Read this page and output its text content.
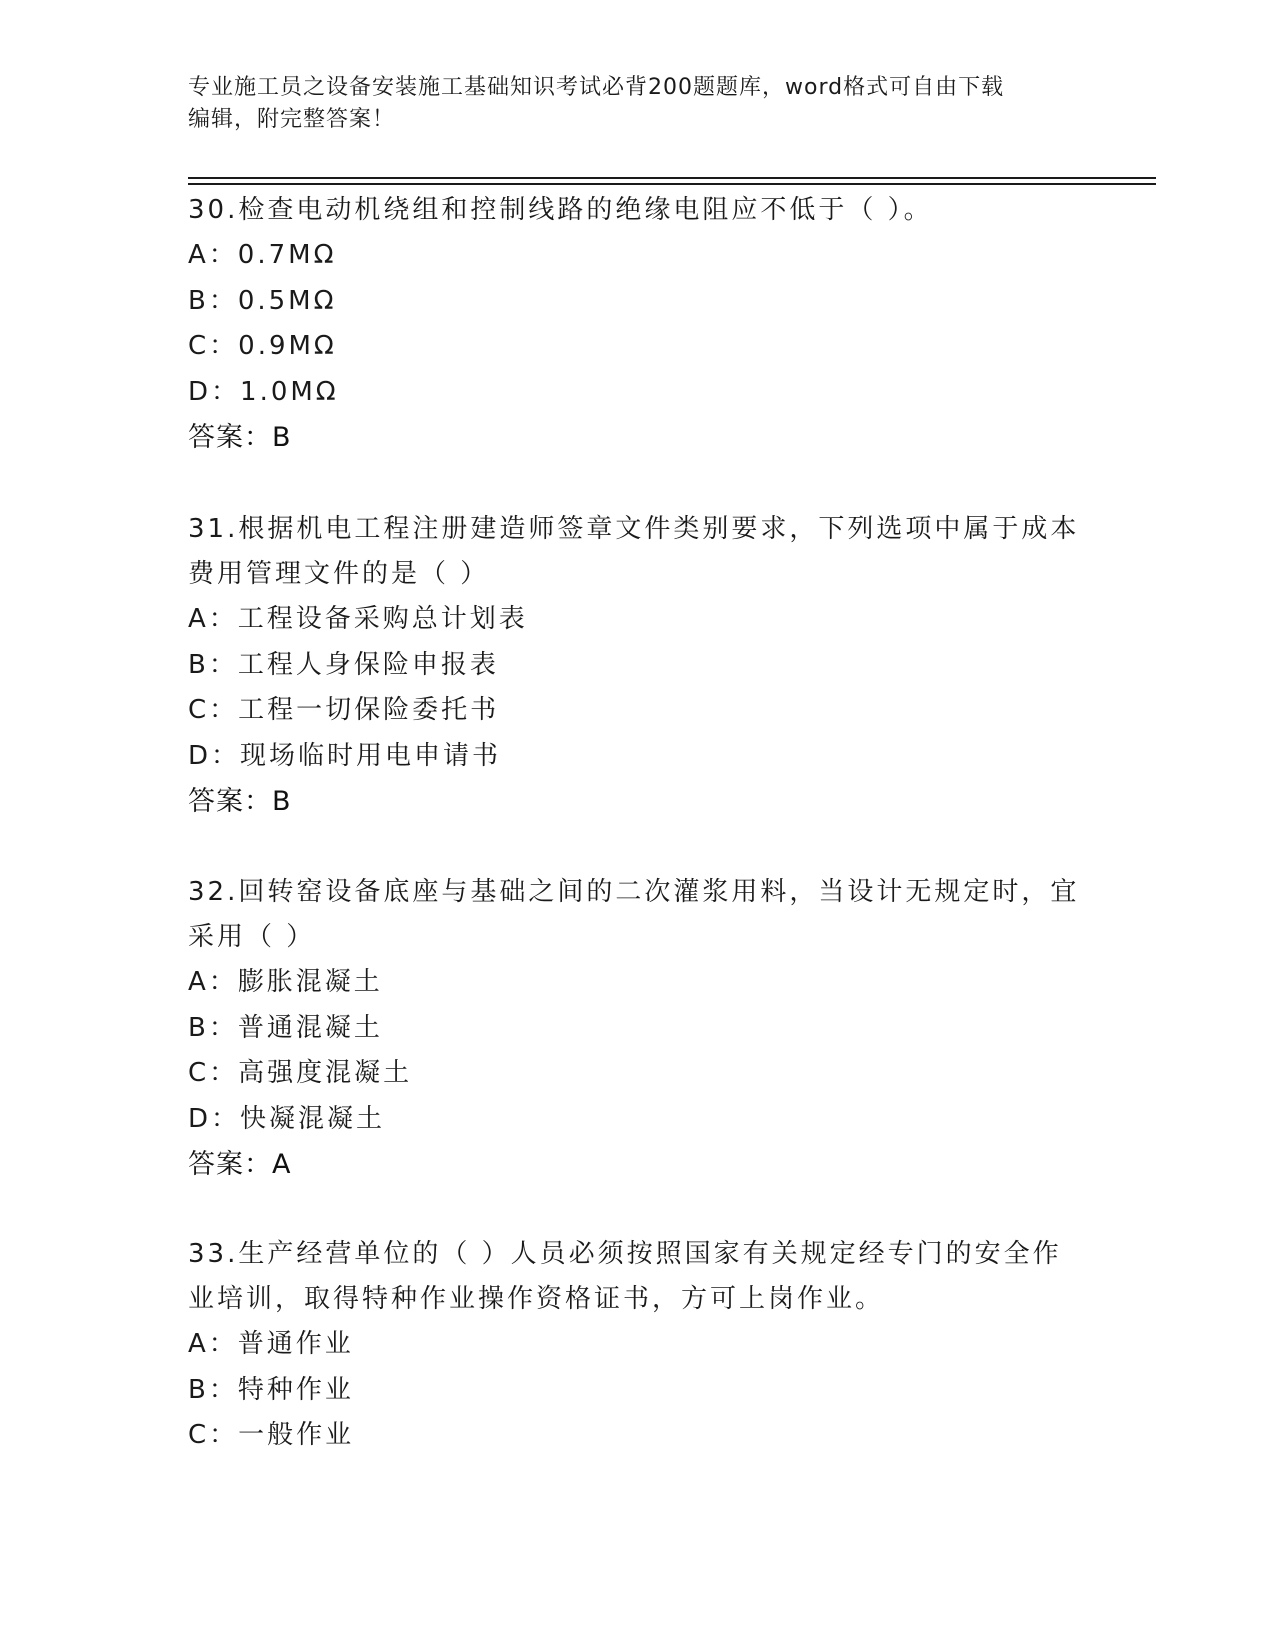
专业施工员之设备安装施工基础知识考试必背200题题库，word格式可自由下载
编辑，附完整答案！
30.检查电动机绕组和控制线路的绝缘电阻应不低于（ ）。
A：0.7MΩ
B：0.5MΩ
C：0.9MΩ
D：1.0MΩ
答案：B
31.根据机电工程注册建造师签章文件类别要求，下列选项中属于成本
费用管理文件的是（ ）
A：工程设备采购总计划表
B：工程人身保险申报表
C：工程一切保险委托书
D：现场临时用电申请书
答案：B
32.回转窑设备底座与基础之间的二次灌浆用料，当设计无规定时，宜
采用（ ）
A：膨胀混凝土
B：普通混凝土
C：高强度混凝土
D：快凝混凝土
答案：A
33.生产经营单位的（ ）人员必须按照国家有关规定经专门的安全作
业培训，取得特种作业操作资格证书，方可上岗作业。
A：普通作业
B：特种作业
C：一般作业
